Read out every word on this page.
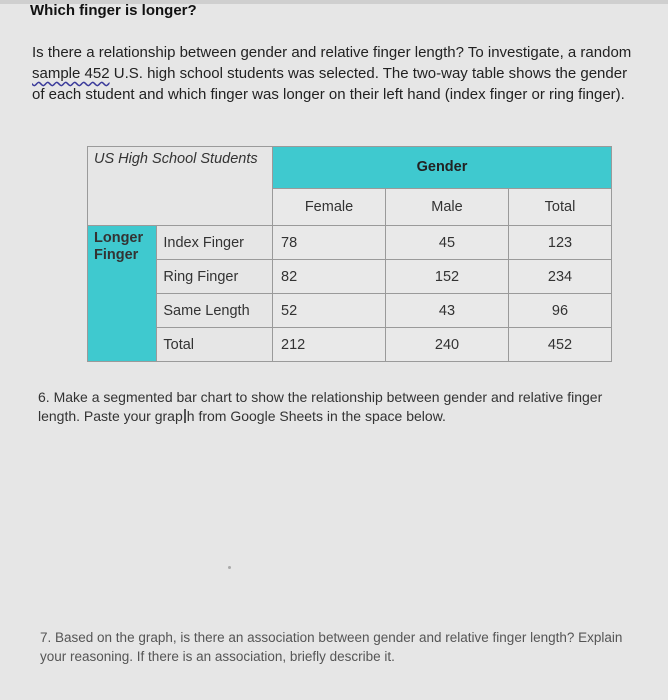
Which finger is longer?
Is there a relationship between gender and relative finger length? To investigate, a random sample 452 U.S. high school students was selected. The two-way table shows the gender of each student and which finger was longer on their left hand (index finger or ring finger).
US High School Students		Gender		
		Female	Male	Total
Longer Finger	Index Finger	78	45	123
	Ring Finger	82	152	234
	Same Length	52	43	96
	Total	212	240	452
6. Make a segmented bar chart to show the relationship between gender and relative finger length. Paste your grap h from Google Sheets in the space below.
7. Based on the graph, is there an association between gender and relative finger length? Explain your reasoning. If there is an association, briefly describe it.
